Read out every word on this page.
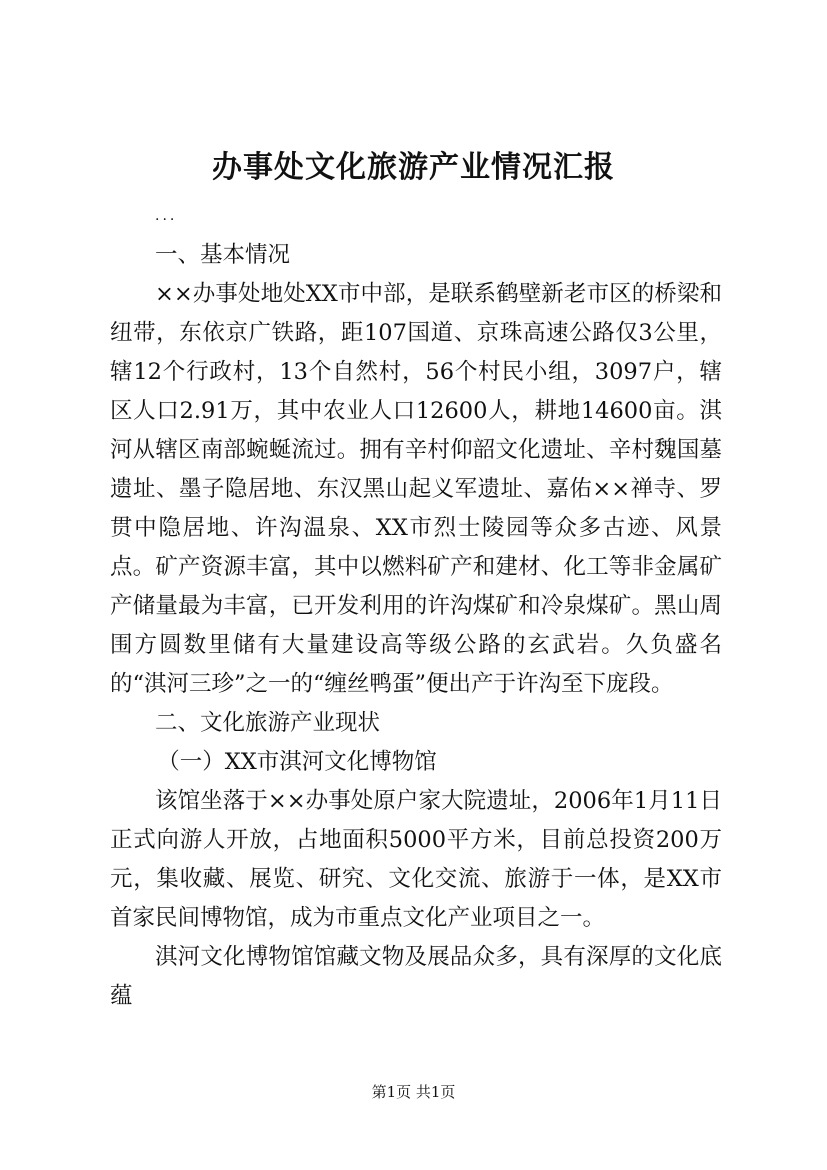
办事处文化旅游产业情况汇报
...

一、基本情况

××办事处地处XX市中部，是联系鹤壁新老市区的桥梁和纽带，东依京广铁路，距107国道、京珠高速公路仅3公里，辖12个行政村，13个自然村，56个村民小组，3097户，辖区人口2.91万，其中农业人口12600人，耕地14600亩。淇河从辖区南部蜿蜒流过。拥有辛村仰韶文化遗址、辛村魏国墓遗址、墨子隐居地、东汉黑山起义军遗址、嘉佑××禅寺、罗贯中隐居地、许沟温泉、XX市烈士陵园等众多古迹、风景点。矿产资源丰富，其中以燃料矿产和建材、化工等非金属矿产储量最为丰富，已开发利用的许沟煤矿和冷泉煤矿。黑山周围方圆数里储有大量建设高等级公路的玄武岩。久负盛名的“淇河三珍”之一的“缠丝鸭蛋”便出产于许沟至下庞段。

二、文化旅游产业现状

（一）XX市淇河文化博物馆

该馆坐落于××办事处原户家大院遗址，2006年1月11日正式向游人开放，占地面积5000平方米，目前总投资200万元，集收藏、展览、研究、文化交流、旅游于一体，是XX市首家民间博物馆，成为市重点文化产业项目之一。

淇河文化博物馆馆藏文物及展品众多，具有深厚的文化底蕴

第1页 共1页
